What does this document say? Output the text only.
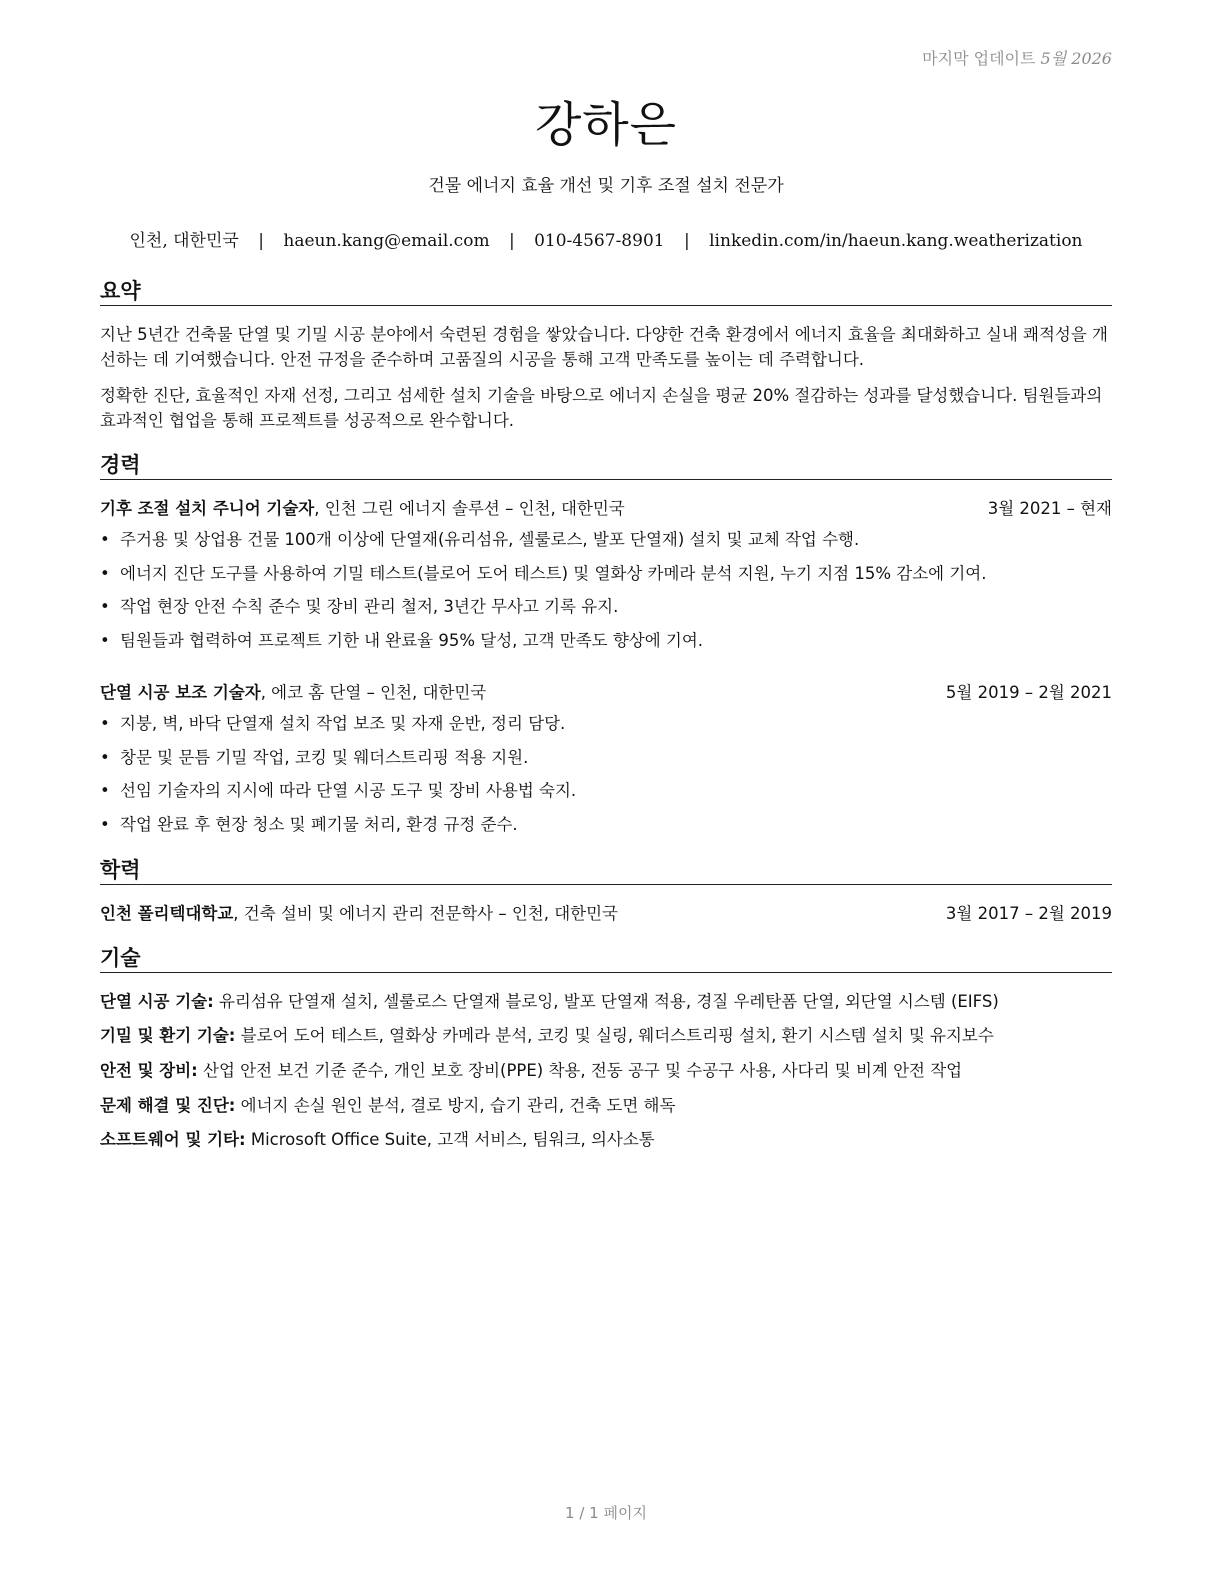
마지막 업데이트 5월 2026
강하은
건물 에너지 효율 개선 및 기후 조절 설치 전문가
인천, 대한민국 | haeun.kang@email.com | 010-4567-8901 | linkedin.com/in/haeun.kang.weatherization
요약
지난 5년간 건축물 단열 및 기밀 시공 분야에서 숙련된 경험을 쌓았습니다. 다양한 건축 환경에서 에너지 효율을 최대화하고 실내 쾌적성을 개선하는 데 기여했습니다. 안전 규정을 준수하며 고품질의 시공을 통해 고객 만족도를 높이는 데 주력합니다.
정확한 진단, 효율적인 자재 선정, 그리고 섬세한 설치 기술을 바탕으로 에너지 손실을 평균 20% 절감하는 성과를 달성했습니다. 팀원들과의 효과적인 협업을 통해 프로젝트를 성공적으로 완수합니다.
경력
기후 조절 설치 주니어 기술자, 인천 그린 에너지 솔루션 – 인천, 대한민국	3월 2021 – 현재
• 주거용 및 상업용 건물 100개 이상에 단열재(유리섬유, 셀룰로스, 발포 단열재) 설치 및 교체 작업 수행.
• 에너지 진단 도구를 사용하여 기밀 테스트(블로어 도어 테스트) 및 열화상 카메라 분석 지원, 누기 지점 15% 감소에 기여.
• 작업 현장 안전 수칙 준수 및 장비 관리 철저, 3년간 무사고 기록 유지.
• 팀원들과 협력하여 프로젝트 기한 내 완료율 95% 달성, 고객 만족도 향상에 기여.
단열 시공 보조 기술자, 에코 홈 단열 – 인천, 대한민국	5월 2019 – 2월 2021
• 지붕, 벽, 바닥 단열재 설치 작업 보조 및 자재 운반, 정리 담당.
• 창문 및 문틈 기밀 작업, 코킹 및 웨더스트리핑 적용 지원.
• 선임 기술자의 지시에 따라 단열 시공 도구 및 장비 사용법 숙지.
• 작업 완료 후 현장 청소 및 폐기물 처리, 환경 규정 준수.
학력
인천 폴리텍대학교, 건축 설비 및 에너지 관리 전문학사 – 인천, 대한민국	3월 2017 – 2월 2019
기술
단열 시공 기술: 유리섬유 단열재 설치, 셀룰로스 단열재 블로잉, 발포 단열재 적용, 경질 우레탄폼 단열, 외단열 시스템 (EIFS)
기밀 및 환기 기술: 블로어 도어 테스트, 열화상 카메라 분석, 코킹 및 실링, 웨더스트리핑 설치, 환기 시스템 설치 및 유지보수
안전 및 장비: 산업 안전 보건 기준 준수, 개인 보호 장비(PPE) 착용, 전동 공구 및 수공구 사용, 사다리 및 비계 안전 작업
문제 해결 및 진단: 에너지 손실 원인 분석, 결로 방지, 습기 관리, 건축 도면 해독
소프트웨어 및 기타: Microsoft Office Suite, 고객 서비스, 팀워크, 의사소통
1 / 1 페이지
